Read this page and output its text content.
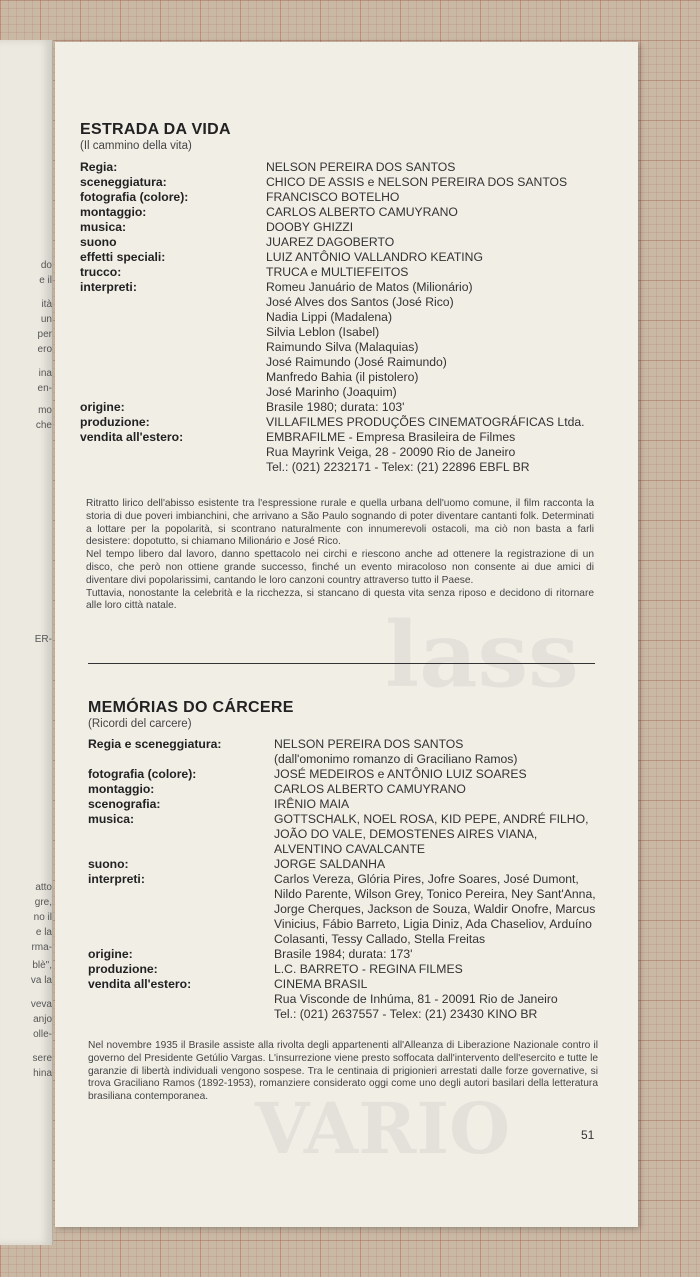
do
e il
ità
un
per
ero
ina
en-
mo
che
ER-
atto
gre,
no il
e la
rma-
blè",
va la
veva
anjo
olle-
sere
hina
lass
VARIO
ESTRADA DA VIDA
(Il cammino della vita)
Regia:	NELSON PEREIRA DOS SANTOS
sceneggiatura:	CHICO DE ASSIS e NELSON PEREIRA DOS SANTOS
fotografia (colore):	FRANCISCO BOTELHO
montaggio:	CARLOS ALBERTO CAMUYRANO
musica:	DOOBY GHIZZI
suono	JUAREZ DAGOBERTO
effetti speciali:	LUIZ ANTÔNIO VALLANDRO KEATING
trucco:	TRUCA e MULTIEFEITOS
interpreti:	Romeu Januário de Matos (Milionário)
José Alves dos Santos (José Rico)
Nadia Lippi (Madalena)
Silvia Leblon (Isabel)
Raimundo Silva (Malaquias)
José Raimundo (José Raimundo)
Manfredo Bahia (il pistolero)
José Marinho (Joaquim)
origine:	Brasile 1980; durata: 103'
produzione:	VILLAFILMES PRODUÇÕES CINEMATOGRÁFICAS Ltda.
vendita all'estero:	EMBRAFILME - Empresa Brasileira de Filmes
Rua Mayrink Veiga, 28 - 20090 Rio de Janeiro
Tel.: (021) 2232171 - Telex: (21) 22896 EBFL BR
Ritratto lirico dell'abisso esistente tra l'espressione rurale e quella urbana dell'uomo comune, il film racconta la storia di due poveri imbianchini, che arrivano a São Paulo sognando di poter diventare cantanti folk. Determinati a lottare per la popolarità, si scontrano naturalmente con innumerevoli ostacoli, ma ciò non basta a farli desistere: dopotutto, si chiamano Milionário e José Rico.
Nel tempo libero dal lavoro, danno spettacolo nei circhi e riescono anche ad ottenere la registrazione di un disco, che però non ottiene grande successo, finché un evento miracoloso non consente ai due amici di diventare divi popolarissimi, cantando le loro canzoni country attraverso tutto il Paese.
Tuttavia, nonostante la celebrità e la ricchezza, si stancano di questa vita senza riposo e decidono di ritornare alle loro città natale.
MEMÓRIAS DO CÁRCERE
(Ricordi del carcere)
Regia e sceneggiatura:	NELSON PEREIRA DOS SANTOS
(dall'omonimo romanzo di Graciliano Ramos)
fotografia (colore):	JOSÉ MEDEIROS e ANTÔNIO LUIZ SOARES
montaggio:	CARLOS ALBERTO CAMUYRANO
scenografia:	IRÊNIO MAIA
musica:	GOTTSCHALK, NOEL ROSA, KID PEPE, ANDRÉ FILHO, JOÃO DO VALE, DEMOSTENES AIRES VIANA, ALVENTINO CAVALCANTE
suono:	JORGE SALDANHA
interpreti:	Carlos Vereza, Glória Pires, Jofre Soares, José Dumont, Nildo Parente, Wilson Grey, Tonico Pereira, Ney Sant'Anna, Jorge Cherques, Jackson de Souza, Waldir Onofre, Marcus Vinicius, Fábio Barreto, Ligia Diniz, Ada Chaseliov, Arduíno Colasanti, Tessy Callado, Stella Freitas
origine:	Brasile 1984; durata: 173'
produzione:	L.C. BARRETO - REGINA FILMES
vendita all'estero:	CINEMA BRASIL
Rua Visconde de Inhúma, 81 - 20091 Rio de Janeiro
Tel.: (021) 2637557 - Telex: (21) 23430 KINO BR
Nel novembre 1935 il Brasile assiste alla rivolta degli appartenenti all'Alleanza di Liberazione Nazionale contro il governo del Presidente Getúlio Vargas. L'insurrezione viene presto soffocata dall'intervento dell'esercito e tutte le garanzie di libertà individuali vengono sospese. Tra le centinaia di prigionieri arrestati dalle forze governative, si trova Graciliano Ramos (1892-1953), romanziere considerato oggi come uno degli autori basilari della letteratura brasiliana contemporanea.
51
